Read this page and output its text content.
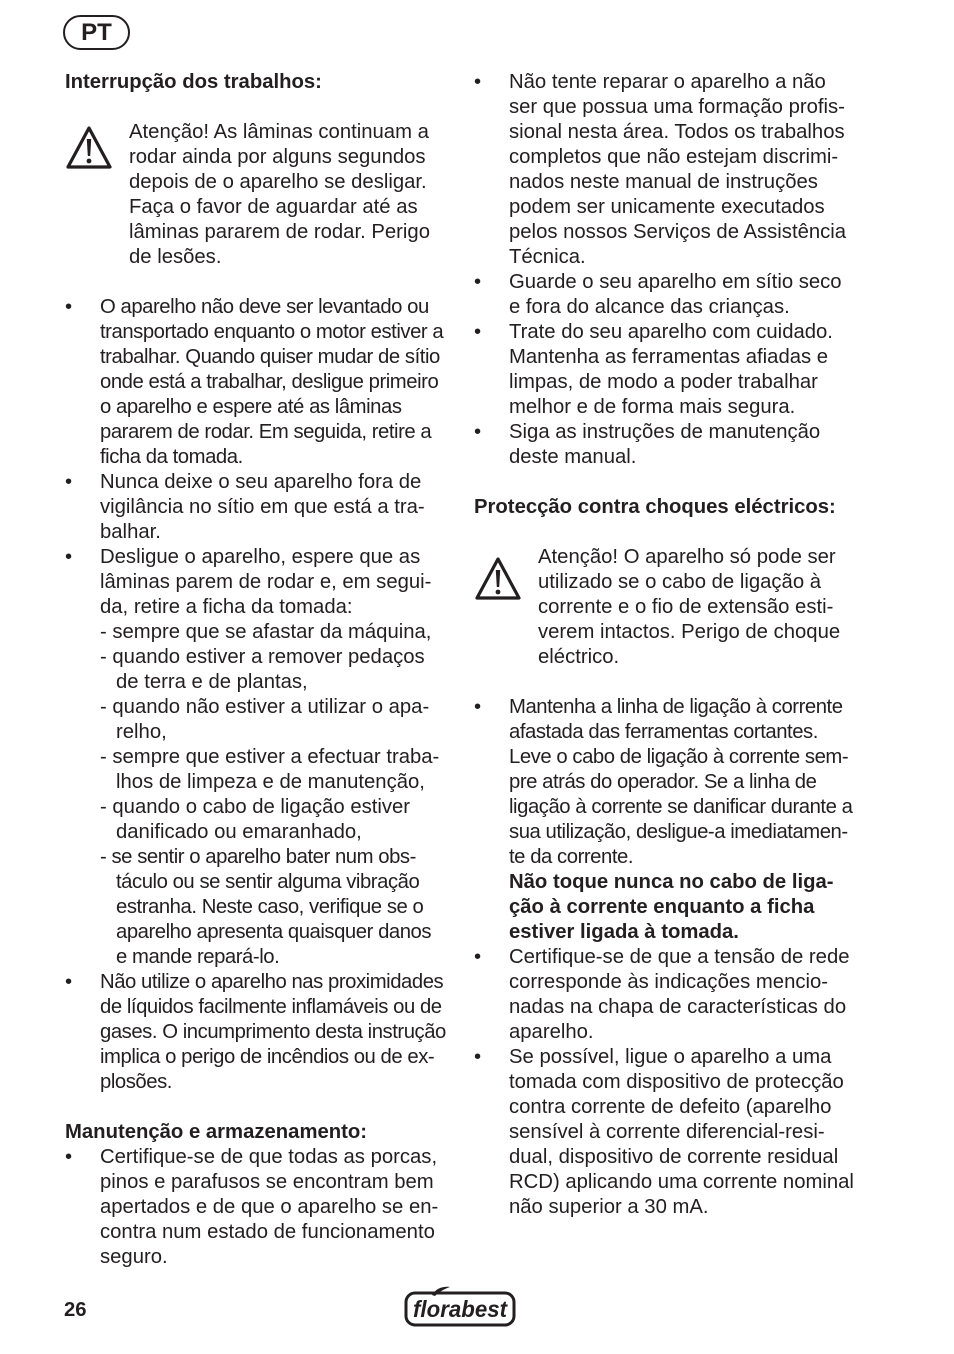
PT
Interrupção dos trabalhos:
Atenção! As lâminas continuam a
rodar ainda por alguns segundos
depois de o aparelho se desligar.
Faça o favor de aguardar até as
lâminas pararem de rodar. Perigo
de lesões.
• O aparelho não deve ser levantado ou
transportado enquanto o motor estiver a
trabalhar. Quando quiser mudar de sítio
onde está a trabalhar, desligue primeiro
o aparelho e espere até as lâminas
pararem de rodar. Em seguida, retire a
ficha da tomada.
• Nunca deixe o seu aparelho fora de
vigilância no sítio em que está a tra-
balhar.
• Desligue o aparelho, espere que as
lâminas parem de rodar e, em segui-
da, retire a ficha da tomada:
- sempre que se afastar da máquina,
- quando estiver a remover pedaços
de terra e de plantas,
- quando não estiver a utilizar o apa-
relho,
- sempre que estiver a efectuar traba-
lhos de limpeza e de manutenção,
- quando o cabo de ligação estiver
danificado ou emaranhado,
- se sentir o aparelho bater num obs-
táculo ou se sentir alguma vibração
estranha. Neste caso, verifique se o
aparelho apresenta quaisquer danos
e mande repará-lo.
• Não utilize o aparelho nas proximidades
de líquidos facilmente inflamáveis ou de
gases. O incumprimento desta instrução
implica o perigo de incêndios ou de ex-
plosões.
Manutenção e armazenamento:
• Certifique-se de que todas as porcas,
pinos e parafusos se encontram bem
apertados e de que o aparelho se en-
contra num estado de funcionamento
seguro.
• Não tente reparar o aparelho a não
ser que possua uma formação profis-
sional nesta área. Todos os trabalhos
completos que não estejam discrimi-
nados neste manual de instruções
podem ser unicamente executados
pelos nossos Serviços de Assistência
Técnica.
• Guarde o seu aparelho em sítio seco
e fora do alcance das crianças.
• Trate do seu aparelho com cuidado.
Mantenha as ferramentas afiadas e
limpas, de modo a poder trabalhar
melhor e de forma mais segura.
• Siga as instruções de manutenção
deste manual.
Protecção contra choques eléctricos:
Atenção! O aparelho só pode ser
utilizado se o cabo de ligação à
corrente e o fio de extensão esti-
verem intactos. Perigo de choque
eléctrico.
• Mantenha a linha de ligação à corrente
afastada das ferramentas cortantes.
Leve o cabo de ligação à corrente sem-
pre atrás do operador. Se a linha de
ligação à corrente se danificar durante a
sua utilização, desligue-a imediatamen-
te da corrente.
Não toque nunca no cabo de liga-
ção à corrente enquanto a ficha
estiver ligada à tomada.
• Certifique-se de que a tensão de rede
corresponde às indicações mencio-
nadas na chapa de características do
aparelho.
• Se possível, ligue o aparelho a uma
tomada com dispositivo de protecção
contra corrente de defeito (aparelho
sensível à corrente diferencial-resi-
dual, dispositivo de corrente residual
RCD) aplicando uma corrente nominal
não superior a 30 mA.
26	florabest
